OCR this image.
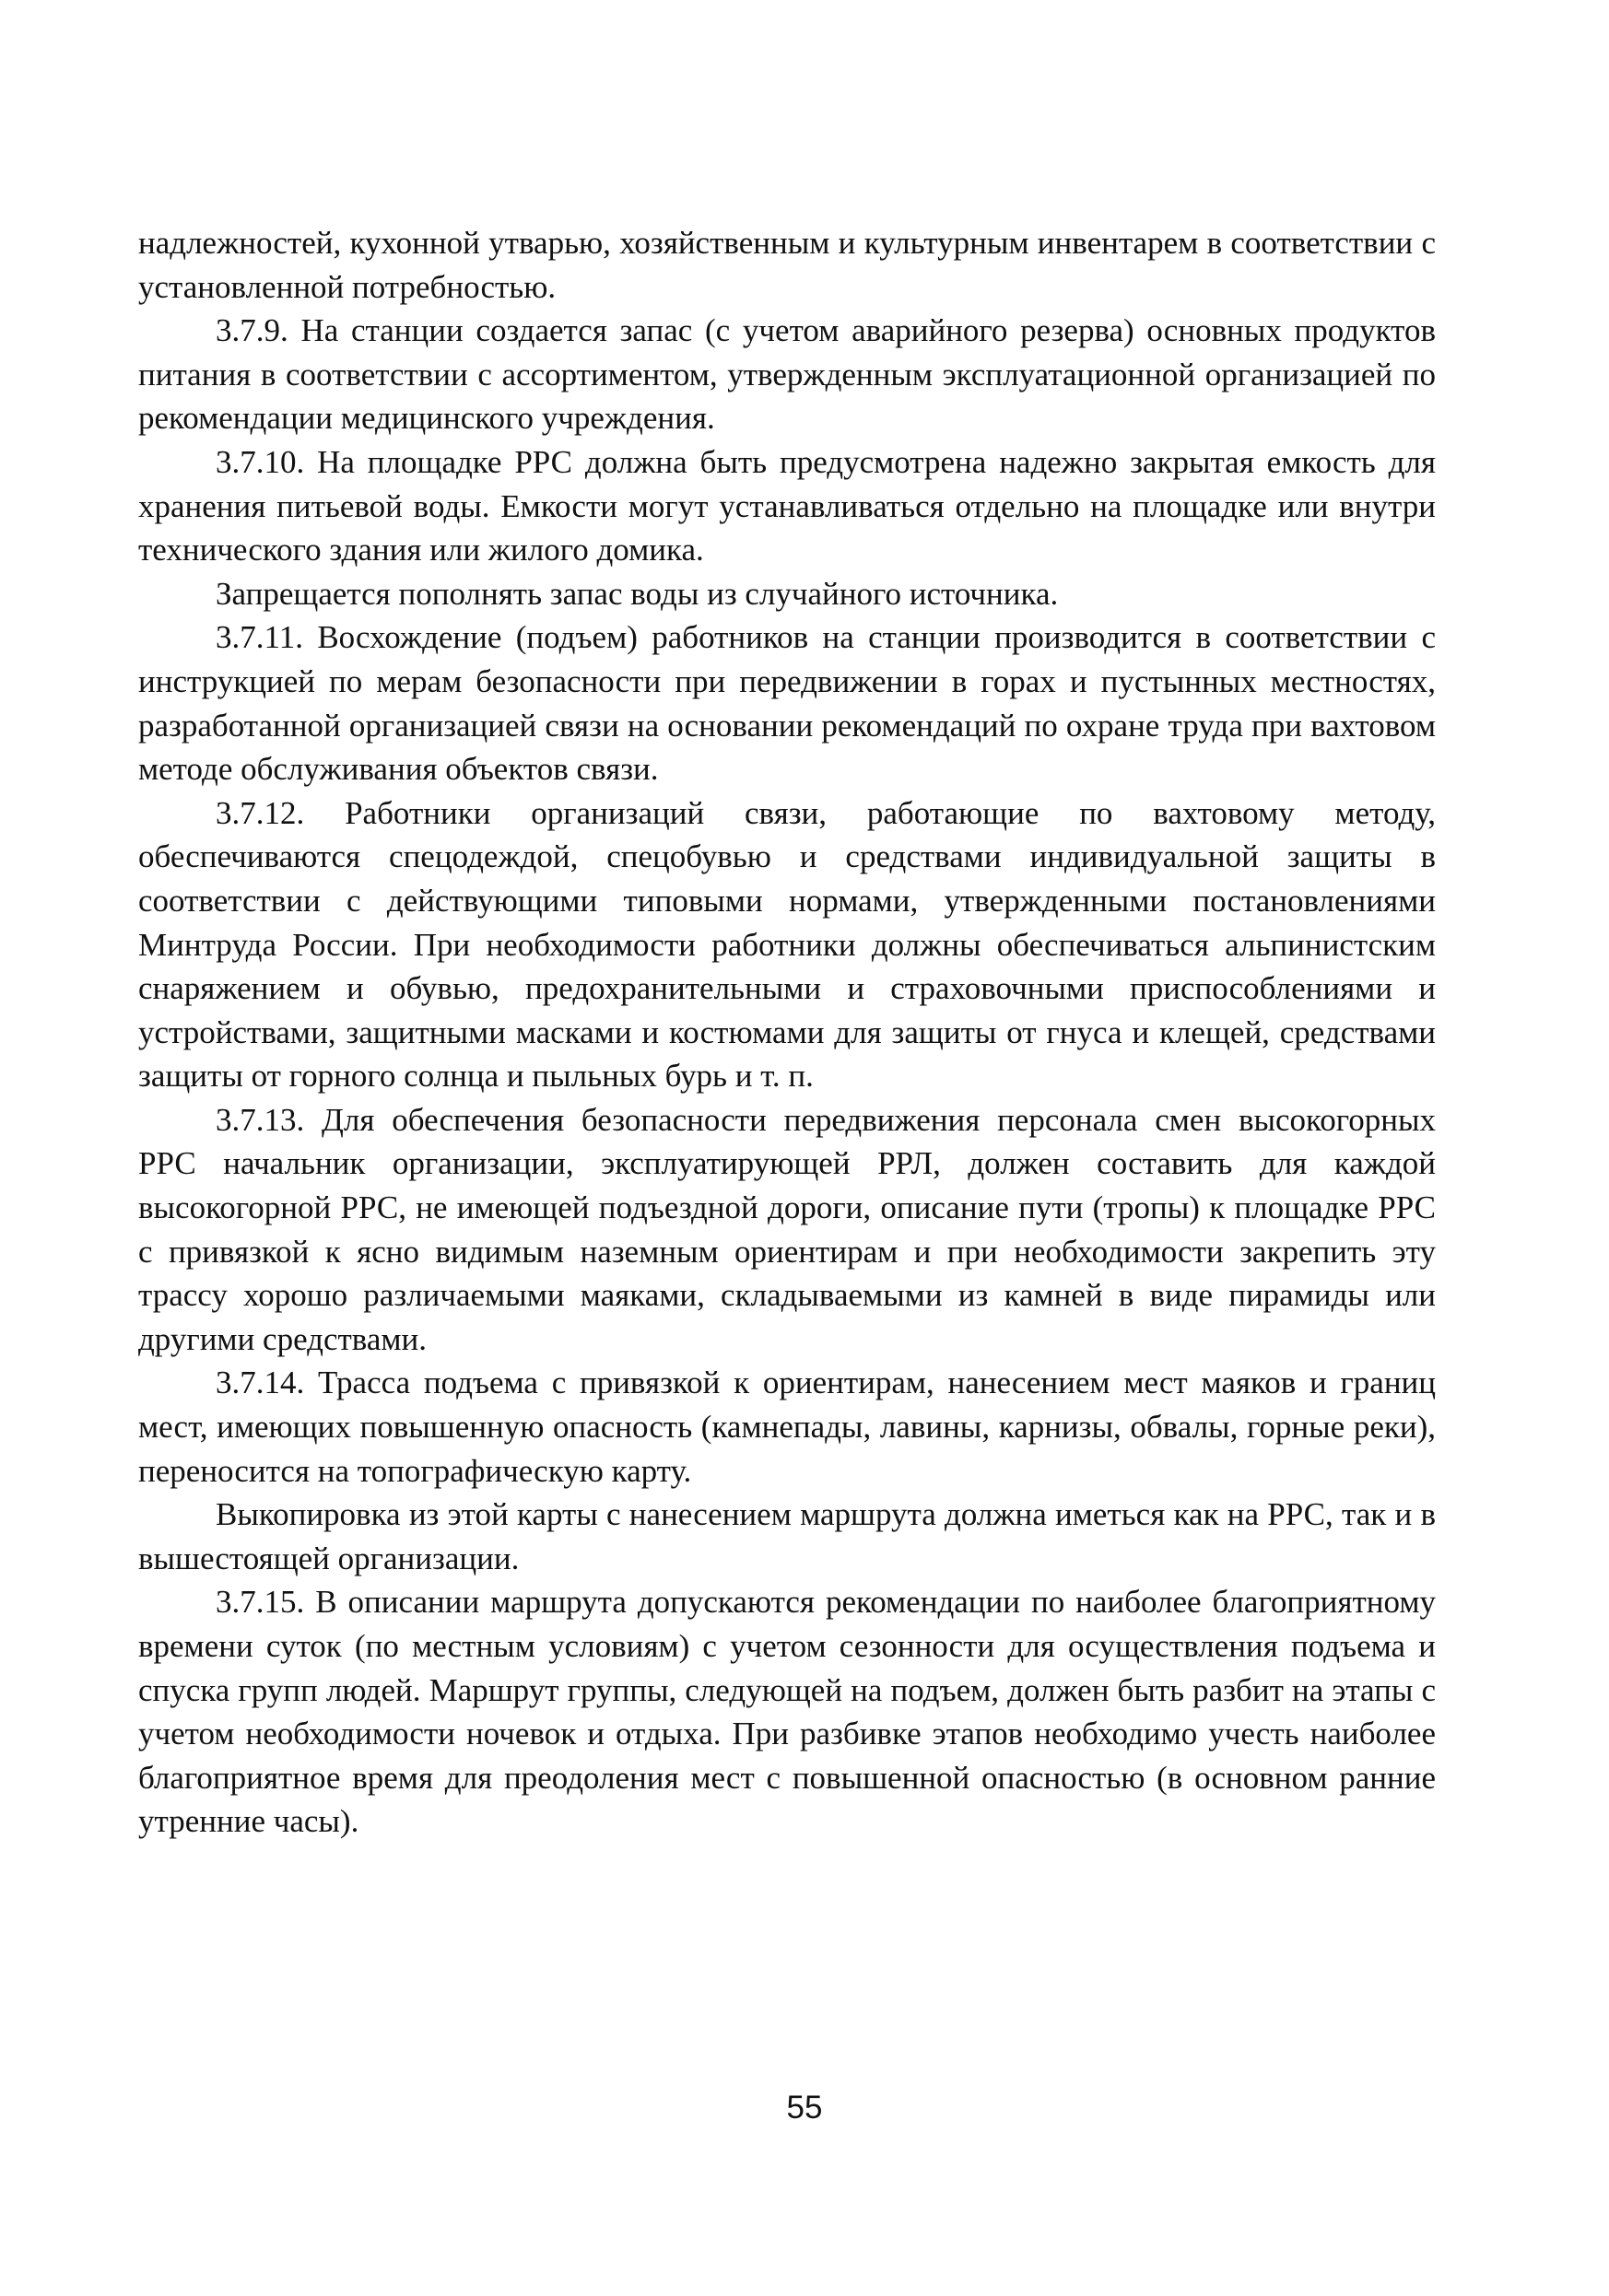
надлежностей, кухонной утварью, хозяйственным и культурным инвентарем в соответствии с установленной потребностью.

3.7.9. На станции создается запас (с учетом аварийного резерва) основных продуктов питания в соответствии с ассортиментом, утвержденным эксплуатационной организацией по рекомендации медицинского учреждения.

3.7.10. На площадке РРС должна быть предусмотрена надежно закрытая емкость для хранения питьевой воды. Емкости могут устанавливаться отдельно на площадке или внутри технического здания или жилого домика.

Запрещается пополнять запас воды из случайного источника.

3.7.11. Восхождение (подъем) работников на станции производится в соответствии с инструкцией по мерам безопасности при передвижении в горах и пустынных местностях, разработанной организацией связи на основании рекомендаций по охране труда при вахтовом методе обслуживания объектов связи.

3.7.12. Работники организаций связи, работающие по вахтовому методу, обеспечиваются спецодеждой, спецобувью и средствами индивидуальной защиты в соответствии с действующими типовыми нормами, утвержденными постановлениями Минтруда России. При необходимости работники должны обеспечиваться альпинистским снаряжением и обувью, предохранительными и страховочными приспособлениями и устройствами, защитными масками и костюмами для защиты от гнуса и клещей, средствами защиты от горного солнца и пыльных бурь и т. п.

3.7.13. Для обеспечения безопасности передвижения персонала смен высокогорных РРС начальник организации, эксплуатирующей РРЛ, должен составить для каждой высокогорной РРС, не имеющей подъездной дороги, описание пути (тропы) к площадке РРС с привязкой к ясно видимым наземным ориентирам и при необходимости закрепить эту трассу хорошо различаемыми маяками, складываемыми из камней в виде пирамиды или другими средствами.

3.7.14. Трасса подъема с привязкой к ориентирам, нанесением мест маяков и границ мест, имеющих повышенную опасность (камнепады, лавины, карнизы, обвалы, горные реки), переносится на топографическую карту.

Выкопировка из этой карты с нанесением маршрута должна иметься как на РРС, так и в вышестоящей организации.

3.7.15. В описании маршрута допускаются рекомендации по наиболее благоприятному времени суток (по местным условиям) с учетом сезонности для осуществления подъема и спуска групп людей. Маршрут группы, следующей на подъем, должен быть разбит на этапы с учетом необходимости ночевок и отдыха. При разбивке этапов необходимо учесть наиболее благоприятное время для преодоления мест с повышенной опасностью (в основном ранние утренние часы).

55
